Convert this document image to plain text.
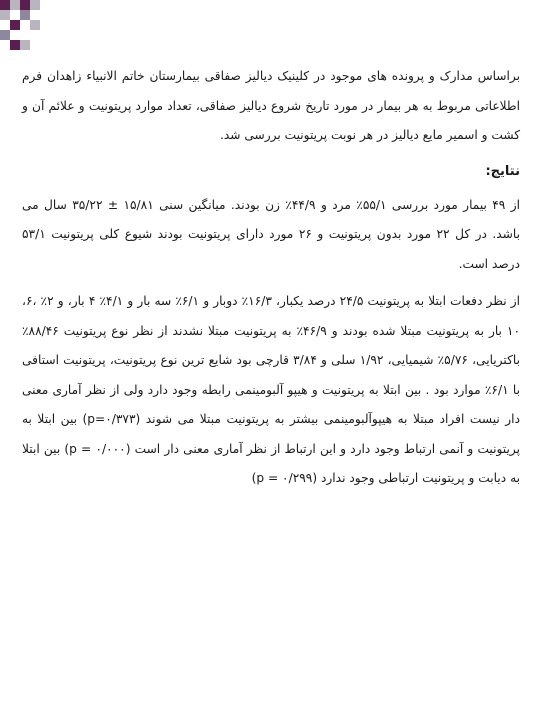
براساس مدارک و پرونده های موجود در کلینیک دیالیز صفاقی بیمارستان خاتم الانبیاء زاهدان فرم اطلاعاتی مربوط به هر بیمار در مورد تاریخ شروع دیالیز صفاقی، تعداد موارد پریتونیت و علائم آن و کشت و اسمیر مایع دیالیز در هر نوبت پریتونیت بررسی شد.

نتایج:

از ۴۹ بیمار مورد بررسی ۵۵/۱٪ مرد و ۴۴/۹٪ زن بودند. میانگین سنی ۱۵/۸۱ ± ۳۵/۲۲ سال می باشد. در کل ۲۲ مورد بدون پریتونیت و ۲۶ مورد دارای پریتونیت بودند شیوع کلی پریتونیت ۵۳/۱ درصد است.

از نظر دفعات ابتلا به پریتونیت ۲۴/۵ درصد یکبار، ۱۶/۳٪ دوبار و ۶/۱٪ سه بار و ۴/۱٪ ۴ بار، و ۲٪ ،۶، ۱۰ بار به پریتونیت مبتلا شده بودند و ۴۶/۹٪ به پریتونیت مبتلا نشدند از نظر نوع پریتونیت ۸۸/۴۶٪ باکتریایی، ۵/۷۶٪ شیمیایی، ۱/۹۲ سلی و ۳/۸۴ قارچی بود شایع ترین نوع پریتونیت، پریتونیت استافی با ۶/۱٪ موارد بود . بین ابتلا به پریتونیت و هیپو آلبومینمی رابطه وجود دارد ولی از نظر آماری معنی دار نیست افراد مبتلا به هیپوآلبومینمی بیشتر به پریتونیت مبتلا می شوند (p=۰/۳۷۳) بین ابتلا به پریتونیت و آنمی ارتباط وجود دارد و این ارتباط از نظر آماری معنی دار است (p = ۰/۰۰۰) بین ابتلا به دیابت و پریتونیت ارتباطی وجود ندارد (p = ۰/۲۹۹)
